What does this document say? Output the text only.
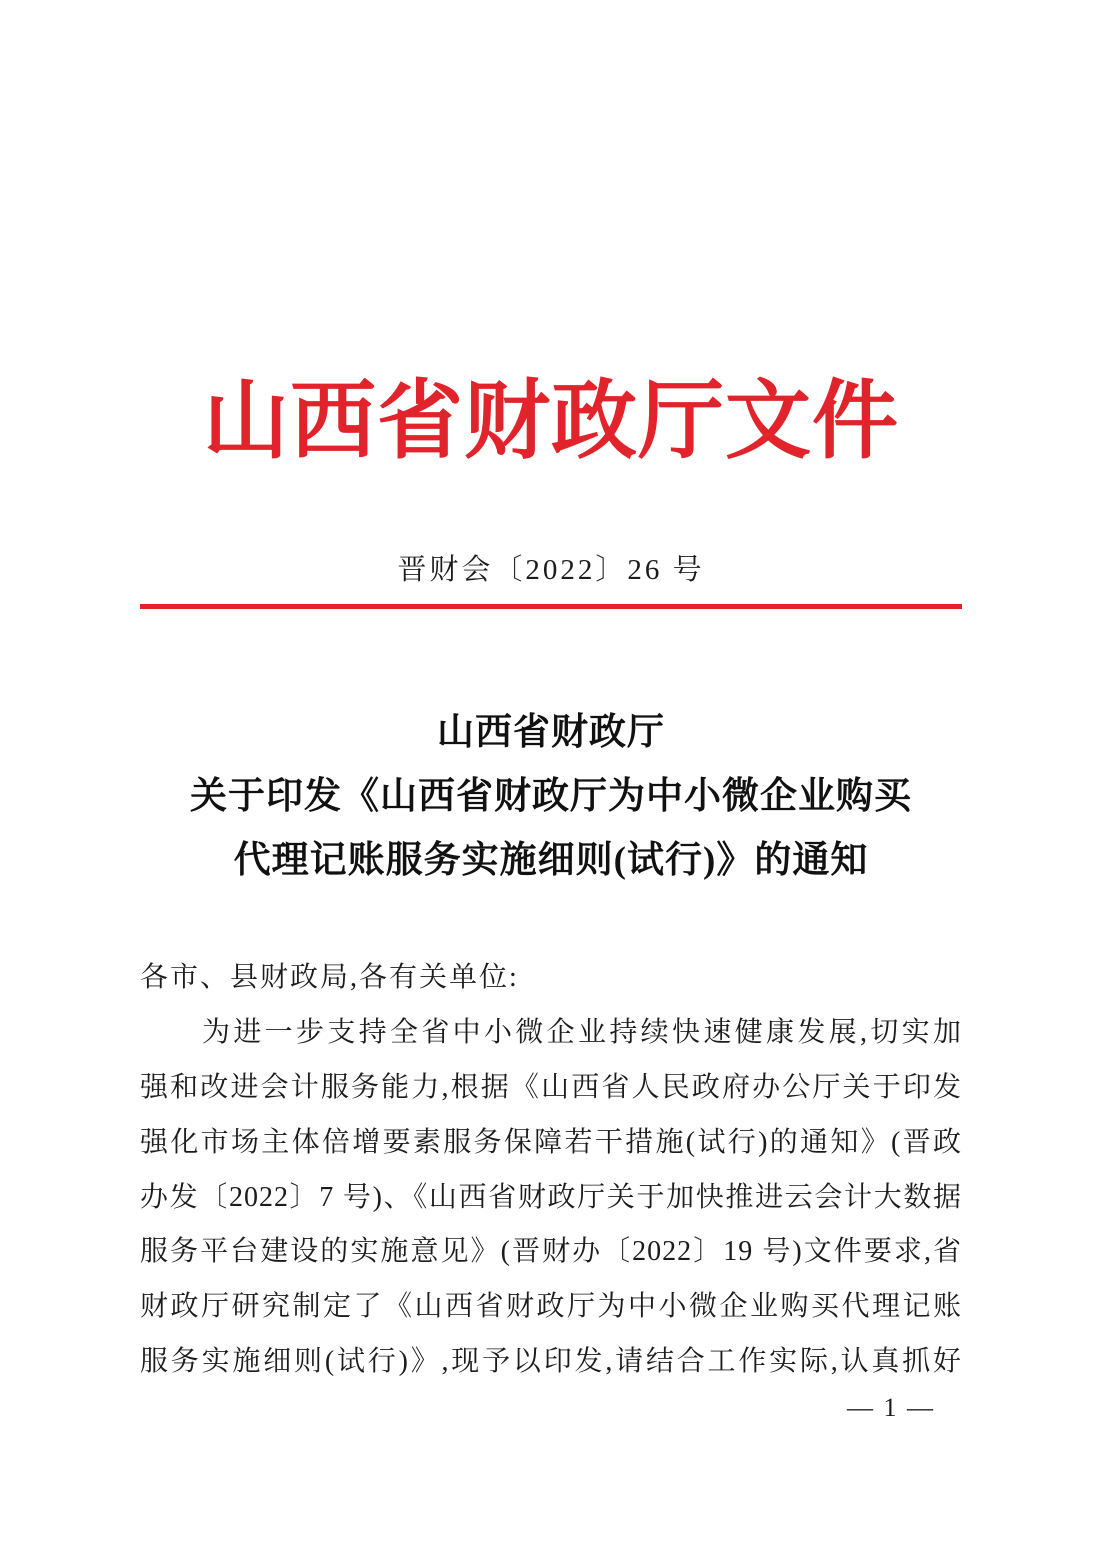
山西省财政厅文件
晋财会〔2022〕26 号
山西省财政厅
关于印发《山西省财政厅为中小微企业购买
代理记账服务实施细则(试行)》的通知
各市、县财政局,各有关单位:
为进一步支持全省中小微企业持续快速健康发展,切实加
强和改进会计服务能力,根据《山西省人民政府办公厅关于印发
强化市场主体倍增要素服务保障若干措施(试行)的通知》(晋政
办发〔2022〕7 号)、《山西省财政厅关于加快推进云会计大数据
服务平台建设的实施意见》(晋财办〔2022〕19 号)文件要求,省
财政厅研究制定了《山西省财政厅为中小微企业购买代理记账
服务实施细则(试行)》,现予以印发,请结合工作实际,认真抓好
— 1 —
